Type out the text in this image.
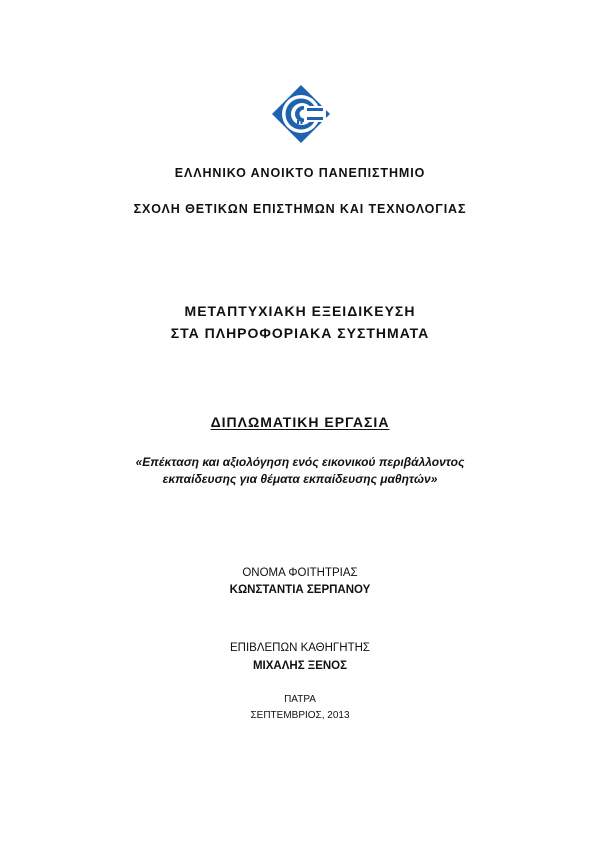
ΕΛΛΗΝΙΚΟ ΑΝΟΙΚΤΟ ΠΑΝΕΠΙΣΤΗΜΙΟ
ΣΧΟΛΗ ΘΕΤΙΚΩΝ ΕΠΙΣΤΗΜΩΝ ΚΑΙ ΤΕΧΝΟΛΟΓΙΑΣ
ΜΕΤΑΠΤΥΧΙΑΚΗ ΕΞΕΙΔΙΚΕΥΣΗ
ΣΤΑ ΠΛΗΡΟΦΟΡΙΑΚΑ ΣΥΣΤΗΜΑΤΑ
ΔΙΠΛΩΜΑΤΙΚΗ ΕΡΓΑΣΙΑ
«Επέκταση και αξιολόγηση ενός εικονικού περιβάλλοντος
εκπαίδευσης για θέματα εκπαίδευσης μαθητών»
ΟΝΟΜΑ ΦΟΙΤΗΤΡΙΑΣ
ΚΩΝΣΤΑΝΤΙΑ ΣΕΡΠΑΝΟΥ
ΕΠΙΒΛΕΠΩΝ ΚΑΘΗΓΗΤΗΣ
ΜΙΧΑΛΗΣ ΞΕΝΟΣ
ΠΑΤΡΑ
ΣΕΠΤΕΜΒΡΙΟΣ, 2013
